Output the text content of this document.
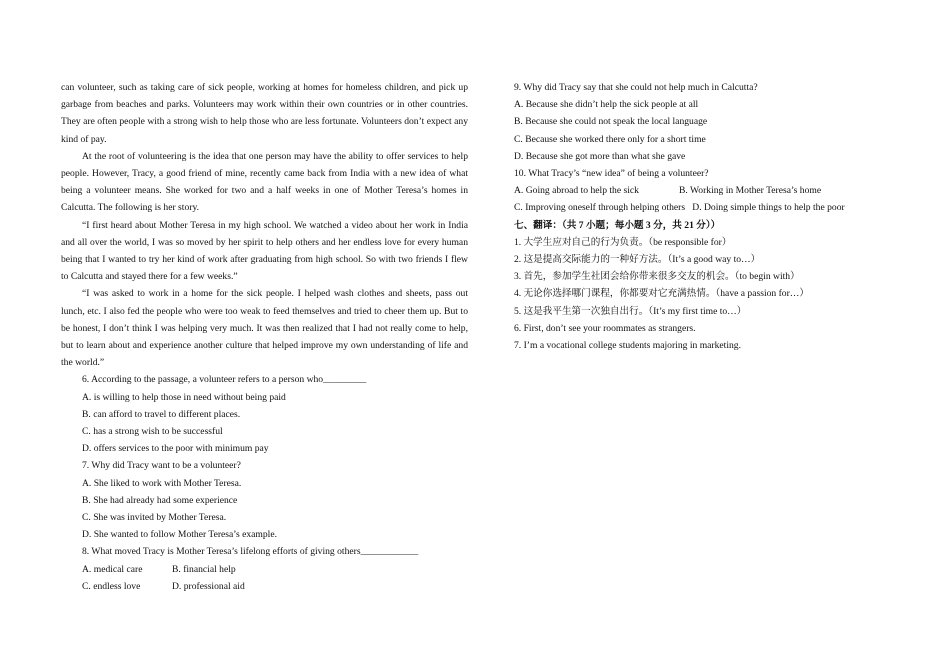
can volunteer, such as taking care of sick people, working at homes for homeless children, and pick up garbage from beaches and parks. Volunteers may work within their own countries or in other countries. They are often people with a strong wish to help those who are less fortunate. Volunteers don’t expect any kind of pay.

At the root of volunteering is the idea that one person may have the ability to offer services to help people. However, Tracy, a good friend of mine, recently came back from India with a new idea of what being a volunteer means. She worked for two and a half weeks in one of Mother Teresa’s homes in Calcutta. The following is her story.

“I first heard about Mother Teresa in my high school. We watched a video about her work in India and all over the world, I was so moved by her spirit to help others and her endless love for every human being that I wanted to try her kind of work after graduating from high school. So with two friends I flew to Calcutta and stayed there for a few weeks.”

“I was asked to work in a home for the sick people. I helped wash clothes and sheets, pass out lunch, etc. I also fed the people who were too weak to feed themselves and tried to cheer them up. But to be honest, I don’t think I was helping very much. It was then realized that I had not really come to help, but to learn about and experience another culture that helped improve my own understanding of life and the world.”

6. According to the passage, a volunteer refers to a person who_________

A. is willing to help those in need without being paid

B. can afford to travel to different places.

C. has a strong wish to be successful

D. offers services to the poor with minimum pay

7. Why did Tracy want to be a volunteer?

A. She liked to work with Mother Teresa.

B. She had already had some experience

C. She was invited by Mother Teresa.

D. She wanted to follow Mother Teresa’s example.

8. What moved Tracy is Mother Teresa’s lifelong efforts of giving others____________

A. medical care	B. financial help
C. endless love	D. professional aid

9. Why did Tracy say that she could not help much in Calcutta?

A. Because she didn’t help the sick people at all

B. Because she could not speak the local language

C. Because she worked there only for a short time

D. Because she got more than what she gave

10. What Tracy’s “new idea” of being a volunteer?

A. Going abroad to help the sick	B. Working in Mother Teresa’s home
C. Improving oneself through helping others D. Doing simple things to help the poor

七、翻译：（共 7 小题；每小题 3 分，共 21 分））

1. 大学生应对自己的行为负责。（be responsible for）

2. 这是提高交际能力的一种好方法。（It’s a good way to…）

3. 首先，参加学生社团会给你带来很多交友的机会。（to begin with）

4. 无论你选择哪门课程，你都要对它充满热情。（have a passion for…）

5. 这是我平生第一次独自出行。（It’s my first time to…）

6. First, don’t see your roommates as strangers.

7. I’m a vocational college students majoring in marketing.
